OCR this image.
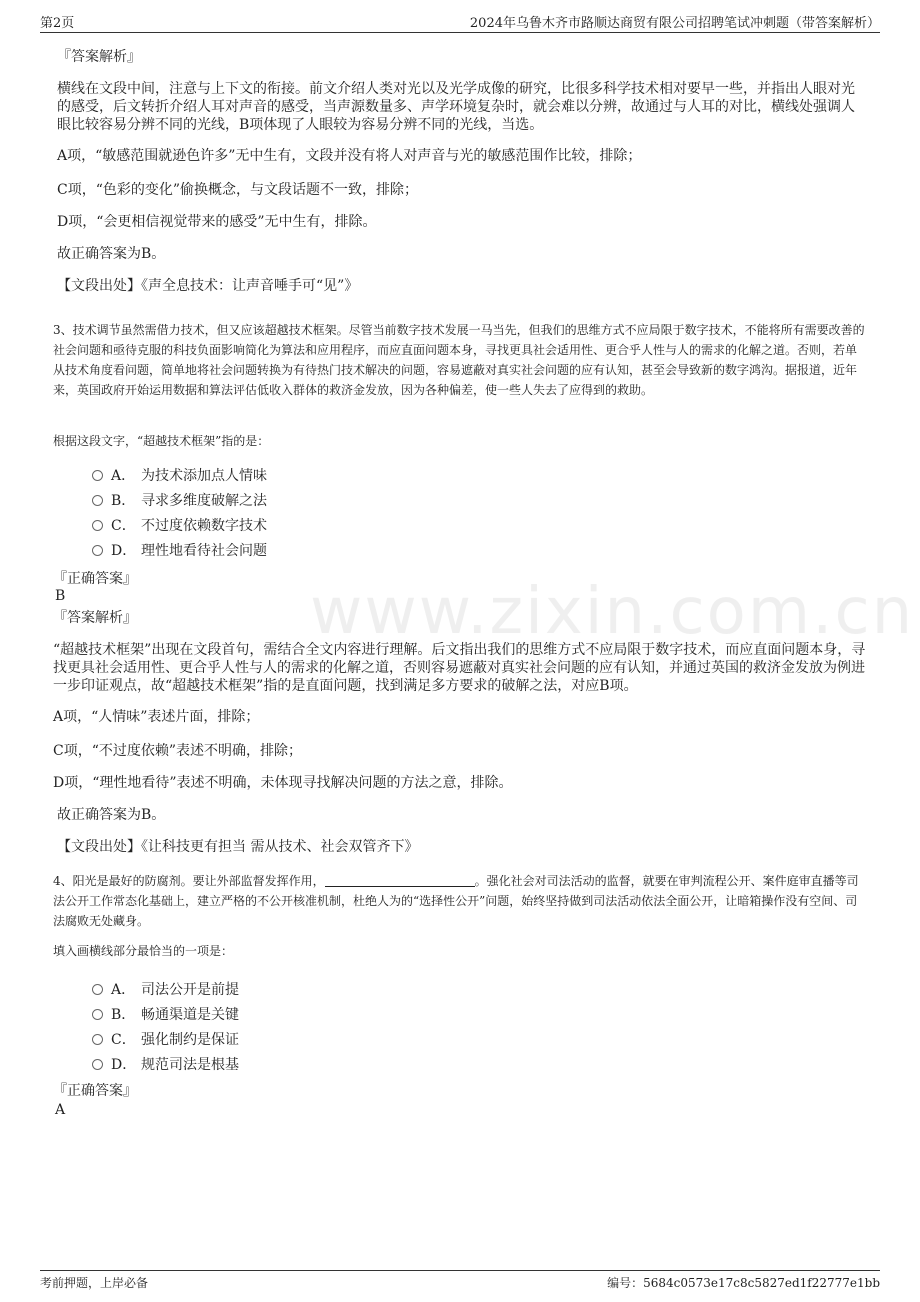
第2页	2024年乌鲁木齐市路顺达商贸有限公司招聘笔试冲刺题（带答案解析）
www.zixin.com.cn
『答案解析』
横线在文段中间，注意与上下文的衔接。前文介绍人类对光以及光学成像的研究，比很多科学技术相对要早一些，并指出人眼对光的感受，后文转折介绍人耳对声音的感受，当声源数量多、声学环境复杂时，就会难以分辨，故通过与人耳的对比，横线处强调人眼比较容易分辨不同的光线，B项体现了人眼较为容易分辨不同的光线，当选。
A项，“敏感范围就逊色许多”无中生有，文段并没有将人对声音与光的敏感范围作比较，排除；
C项，“色彩的变化”偷换概念，与文段话题不一致，排除；
D项，“会更相信视觉带来的感受”无中生有，排除。
故正确答案为B。
【文段出处】《声全息技术：让声音唾手可“见”》
3、技术调节虽然需借力技术，但又应该超越技术框架。尽管当前数字技术发展一马当先，但我们的思维方式不应局限于数字技术，不能将所有需要改善的社会问题和亟待克服的科技负面影响简化为算法和应用程序，而应直面问题本身，寻找更具社会适用性、更合乎人性与人的需求的化解之道。否则，若单从技术角度看问题，简单地将社会问题转换为有待热门技术解决的问题，容易遮蔽对真实社会问题的应有认知，甚至会导致新的数字鸿沟。据报道，近年来，英国政府开始运用数据和算法评估低收入群体的救济金发放，因为各种偏差，使一些人失去了应得到的救助。
根据这段文字，“超越技术框架”指的是：
A． 为技术添加点人情味
B． 寻求多维度破解之法
C． 不过度依赖数字技术
D． 理性地看待社会问题
『正确答案』
B
『答案解析』
“超越技术框架”出现在文段首句，需结合全文内容进行理解。后文指出我们的思维方式不应局限于数字技术，而应直面问题本身，寻找更具社会适用性、更合乎人性与人的需求的化解之道，否则容易遮蔽对真实社会问题的应有认知，并通过英国的救济金发放为例进一步印证观点，故“超越技术框架”指的是直面问题，找到满足多方要求的破解之法，对应B项。
A项，“人情味”表述片面，排除；
C项，“不过度依赖”表述不明确，排除；
D项，“理性地看待”表述不明确，未体现寻找解决问题的方法之意，排除。
故正确答案为B。
【文段出处】《让科技更有担当 需从技术、社会双管齐下》
4、阳光是最好的防腐剂。要让外部监督发挥作用，	。强化社会对司法活动的监督，就要在审判流程公开、案件庭审直播等司法公开工作常态化基础上，建立严格的不公开核准机制，杜绝人为的“选择性公开”问题，始终坚持做到司法活动依法全面公开，让暗箱操作没有空间、司法腐败无处藏身。
填入画横线部分最恰当的一项是：
A． 司法公开是前提
B． 畅通渠道是关键
C． 强化制约是保证
D． 规范司法是根基
『正确答案』
A
考前押题，上岸必备	编号：5684c0573e17c8c5827ed1f22777e1bb
